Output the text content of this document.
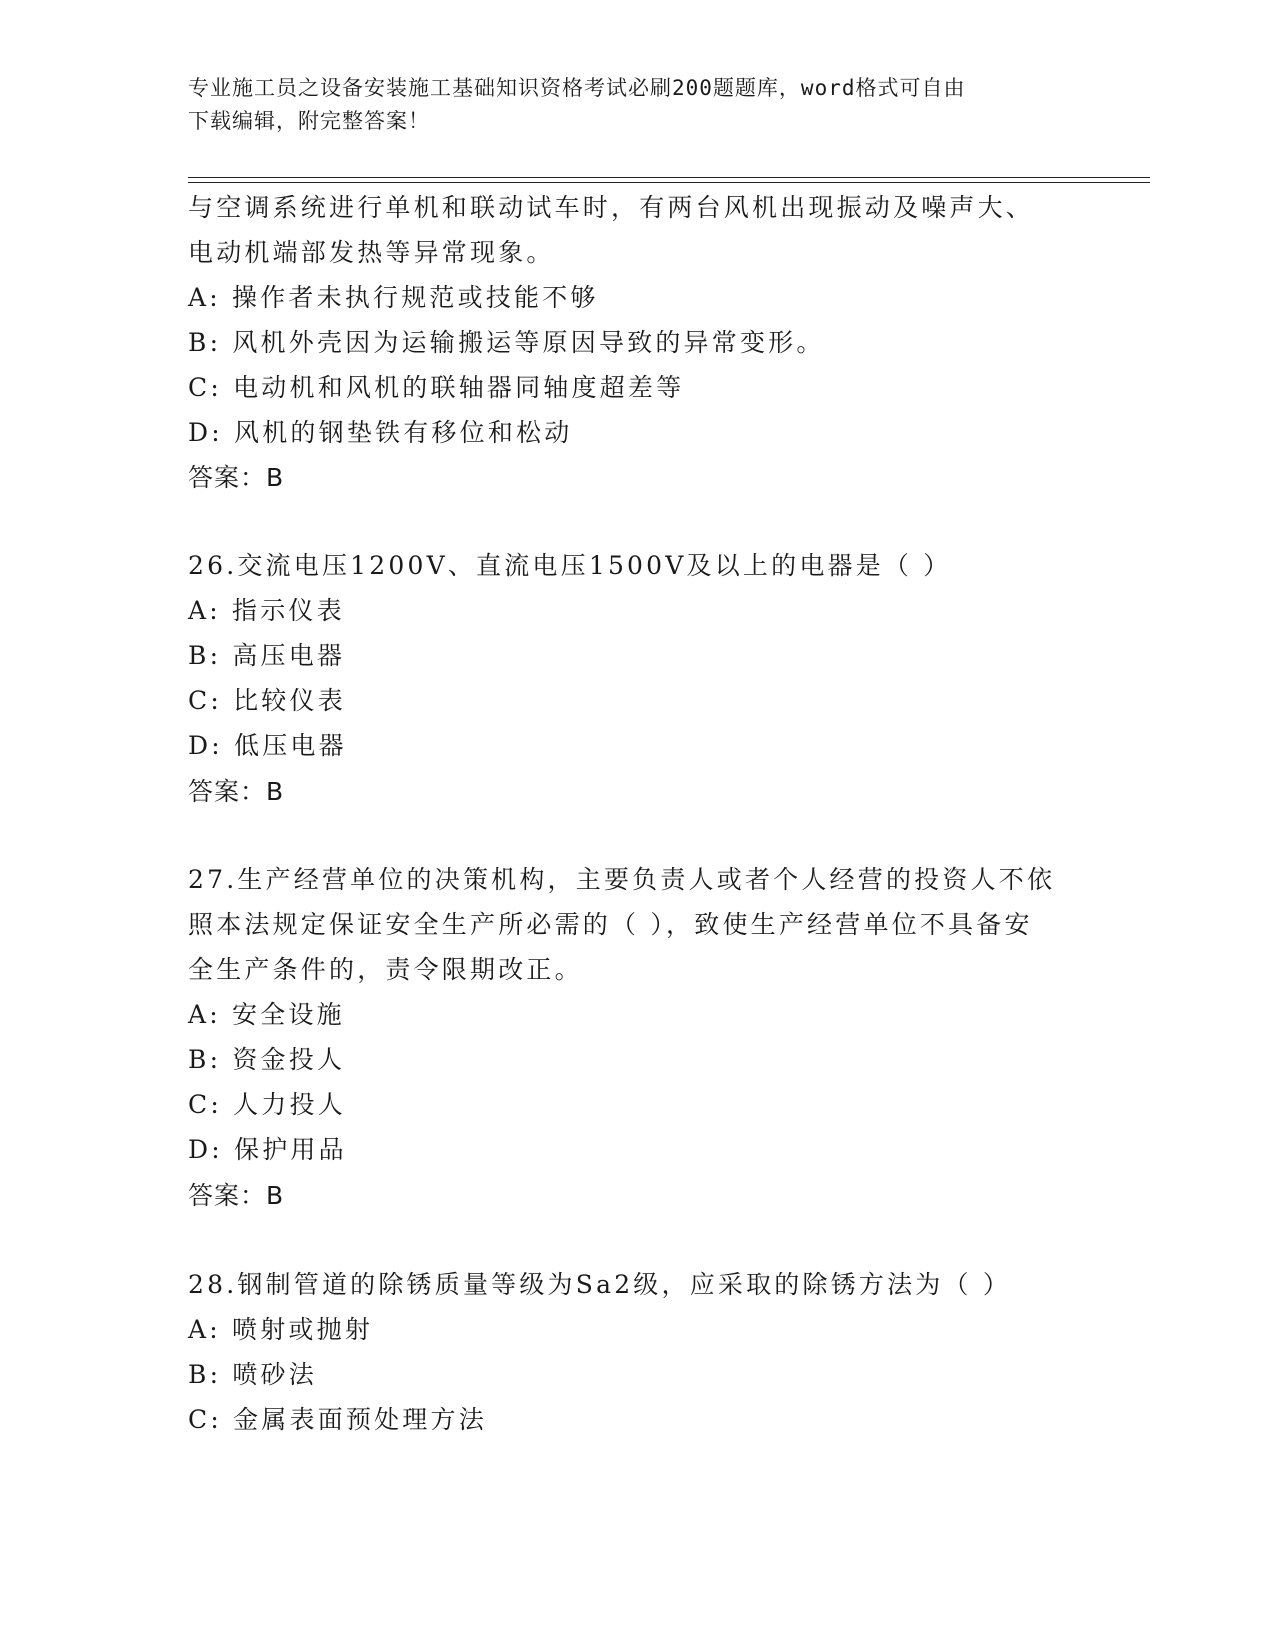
专业施工员之设备安装施工基础知识资格考试必刷200题题库，word格式可自由
下载编辑，附完整答案！
与空调系统进行单机和联动试车时，有两台风机出现振动及噪声大、
电动机端部发热等异常现象。
A: 操作者未执行规范或技能不够
B: 风机外壳因为运输搬运等原因导致的异常变形。
C: 电动机和风机的联轴器同轴度超差等
D: 风机的钢垫铁有移位和松动
答案：B
26.交流电压1200V、直流电压1500V及以上的电器是（ ）
A: 指示仪表
B: 高压电器
C: 比较仪表
D: 低压电器
答案：B
27.生产经营单位的决策机构，主要负责人或者个人经营的投资人不依
照本法规定保证安全生产所必需的（ ），致使生产经营单位不具备安
全生产条件的，责令限期改正。
A: 安全设施
B: 资金投人
C: 人力投人
D: 保护用品
答案：B
28.钢制管道的除锈质量等级为Sa2级，应采取的除锈方法为（ ）
A: 喷射或抛射
B: 喷砂法
C: 金属表面预处理方法
